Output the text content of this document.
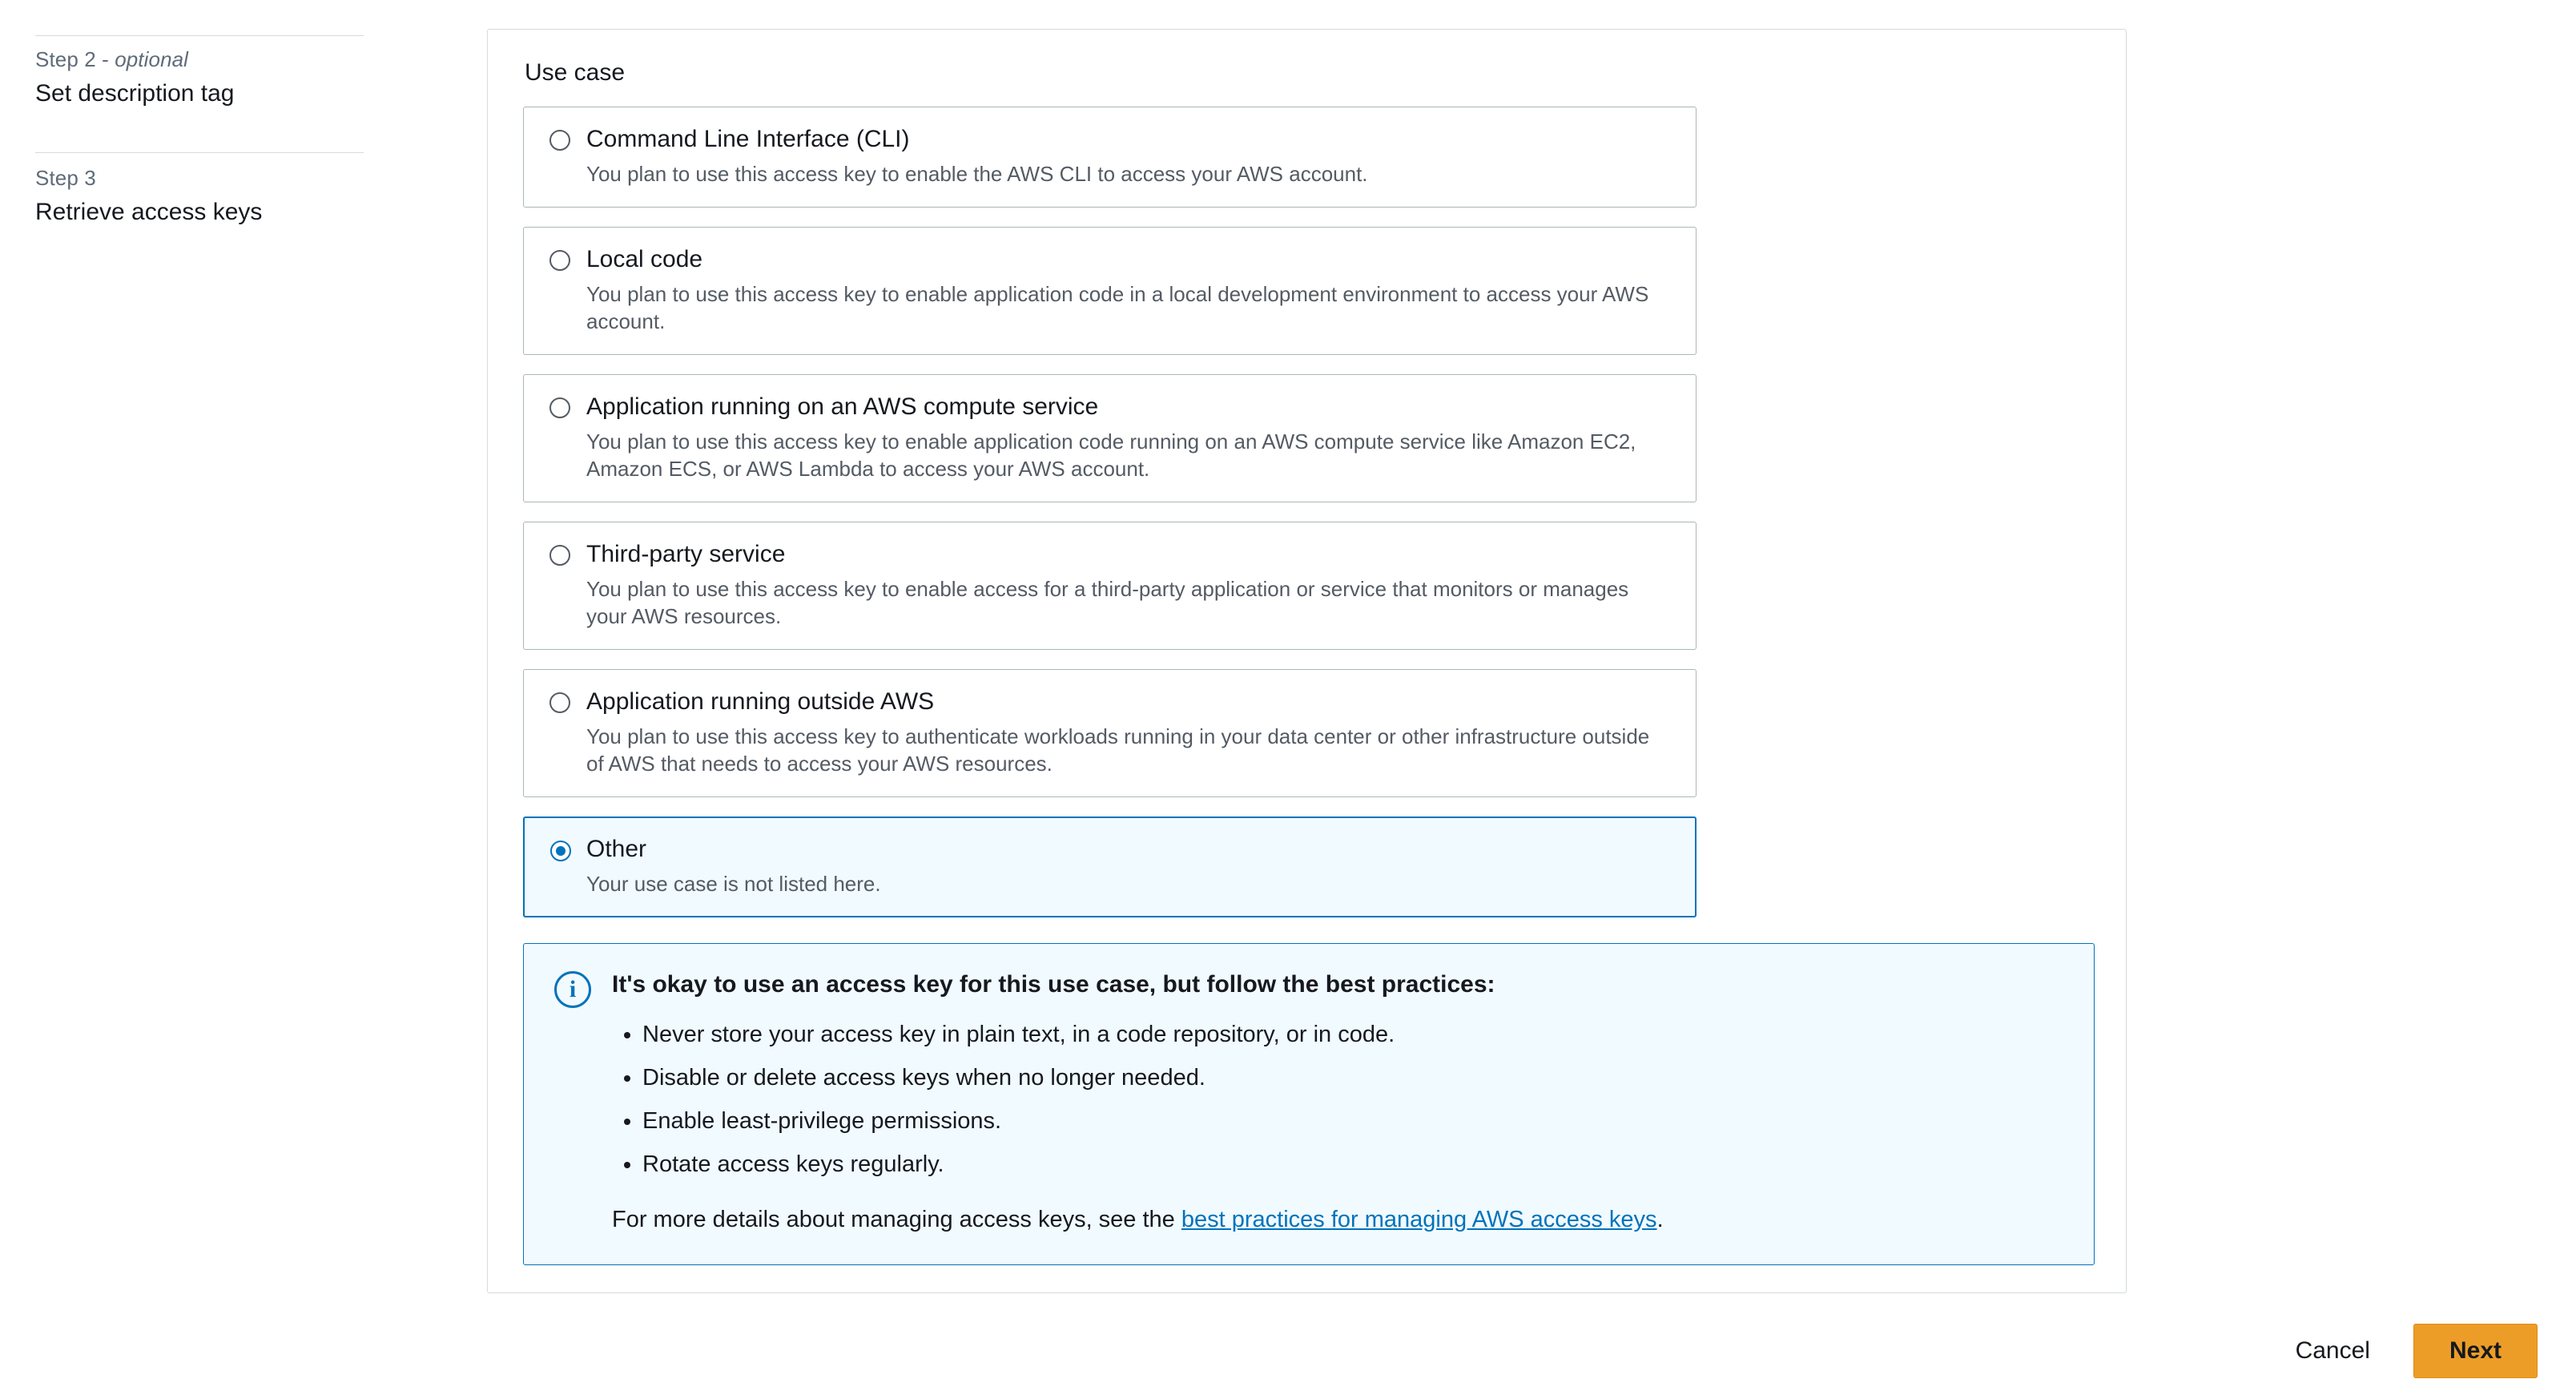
Step 2 - optional
Set description tag
Step 3
Retrieve access keys
Use case
Command Line Interface (CLI)
You plan to use this access key to enable the AWS CLI to access your AWS account.
Local code
You plan to use this access key to enable application code in a local development environment to access your AWS account.
Application running on an AWS compute service
You plan to use this access key to enable application code running on an AWS compute service like Amazon EC2, Amazon ECS, or AWS Lambda to access your AWS account.
Third-party service
You plan to use this access key to enable access for a third-party application or service that monitors or manages your AWS resources.
Application running outside AWS
You plan to use this access key to authenticate workloads running in your data center or other infrastructure outside of AWS that needs to access your AWS resources.
Other
Your use case is not listed here.
i	It's okay to use an access key for this use case, but follow the best practices:
• Never store your access key in plain text, in a code repository, or in code.
• Disable or delete access keys when no longer needed.
• Enable least-privilege permissions.
• Rotate access keys regularly.
For more details about managing access keys, see the best practices for managing AWS access keys.
Cancel	Next
